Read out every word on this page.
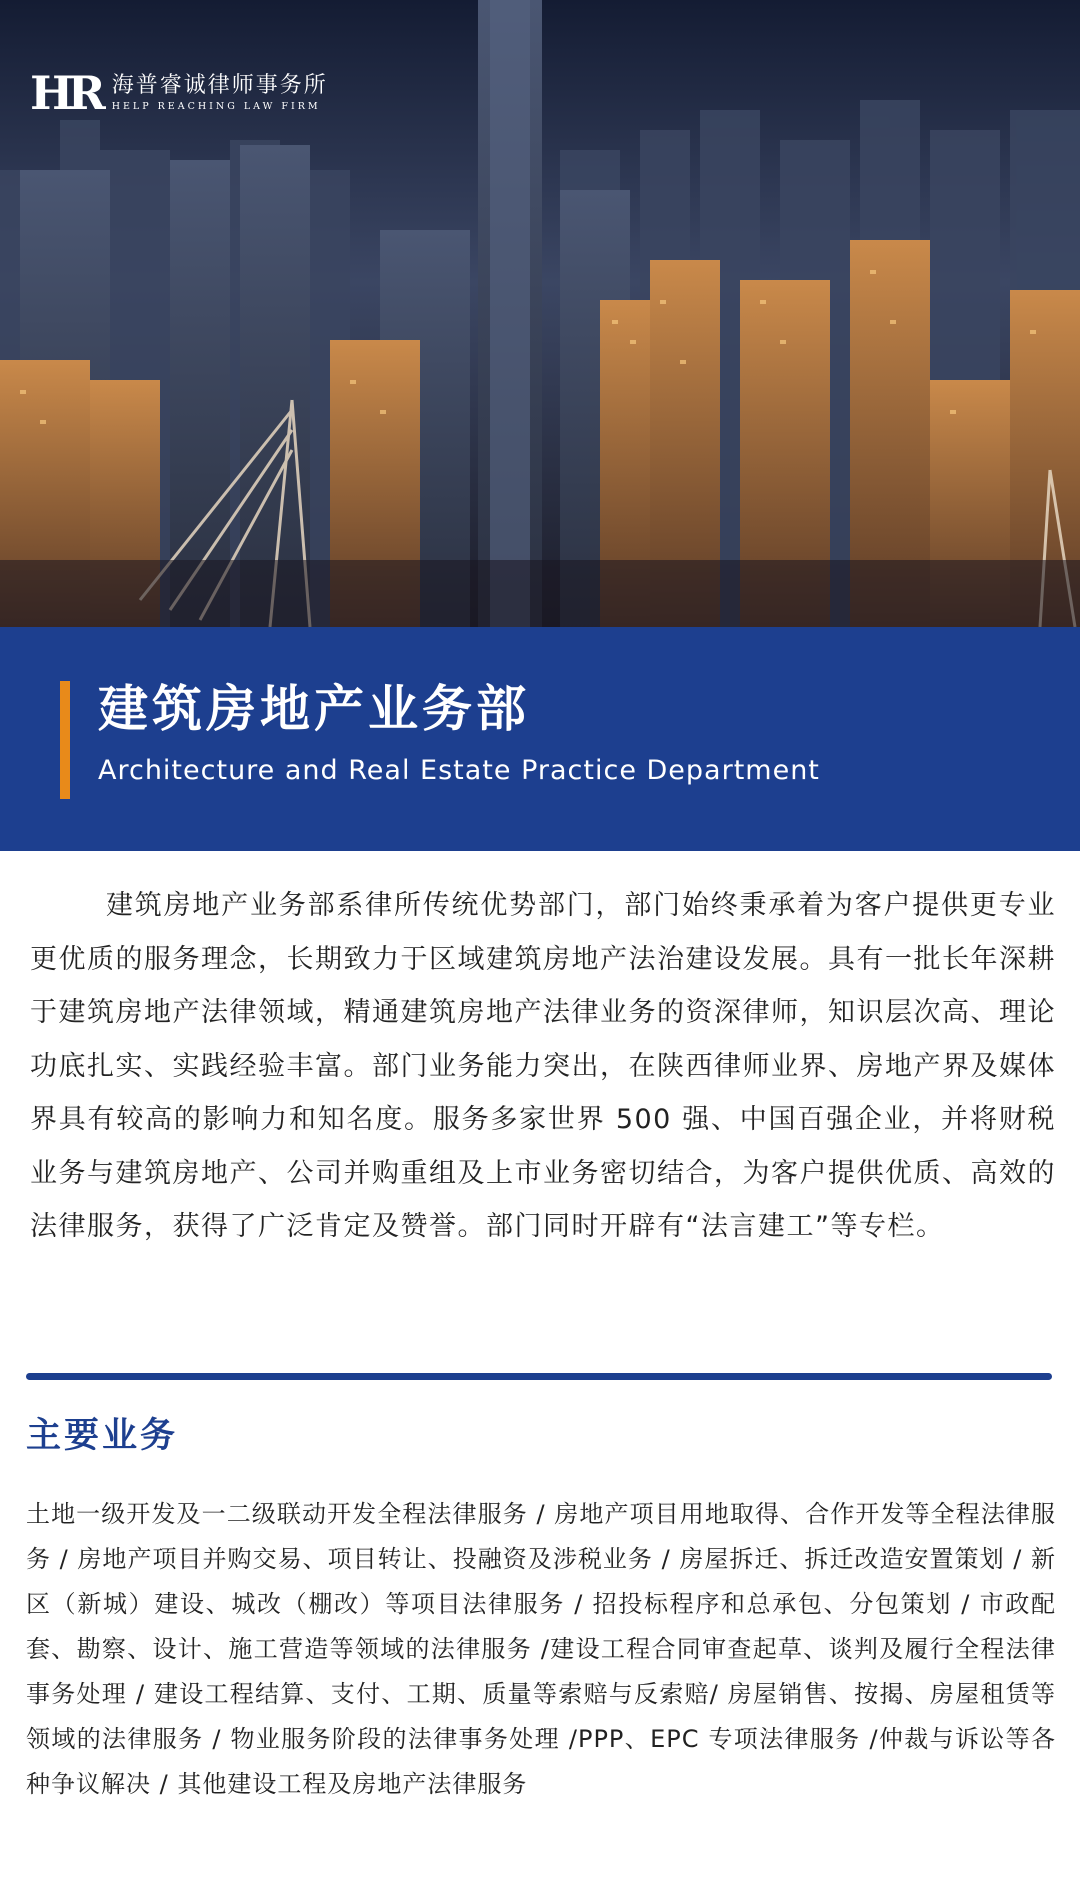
HR 海普睿诚律师事务所
HELP REACHING LAW FIRM
建筑房地产业务部
Architecture and Real Estate Practice Department

建筑房地产业务部系律所传统优势部门，部门始终秉承着为客户提供更专业更优质的服务理念，长期致力于区域建筑房地产法治建设发展。具有一批长年深耕于建筑房地产法律领域，精通建筑房地产法律业务的资深律师，知识层次高、理论功底扎实、实践经验丰富。部门业务能力突出，在陕西律师业界、房地产界及媒体界具有较高的影响力和知名度。服务多家世界 500 强、中国百强企业，并将财税业务与建筑房地产、公司并购重组及上市业务密切结合，为客户提供优质、高效的法律服务，获得了广泛肯定及赞誉。部门同时开辟有“法言建工”等专栏。

主要业务

土地一级开发及一二级联动开发全程法律服务 / 房地产项目用地取得、合作开发等全程法律服务 / 房地产项目并购交易、项目转让、投融资及涉税业务 / 房屋拆迁、拆迁改造安置策划 / 新区（新城）建设、城改（棚改）等项目法律服务 / 招投标程序和总承包、分包策划 / 市政配套、勘察、设计、施工营造等领域的法律服务 /建设工程合同审查起草、谈判及履行全程法律事务处理 / 建设工程结算、支付、工期、质量等索赔与反索赔/ 房屋销售、按揭、房屋租赁等领域的法律服务 / 物业服务阶段的法律事务处理 /PPP、EPC 专项法律服务 /仲裁与诉讼等各种争议解决 / 其他建设工程及房地产法律服务
